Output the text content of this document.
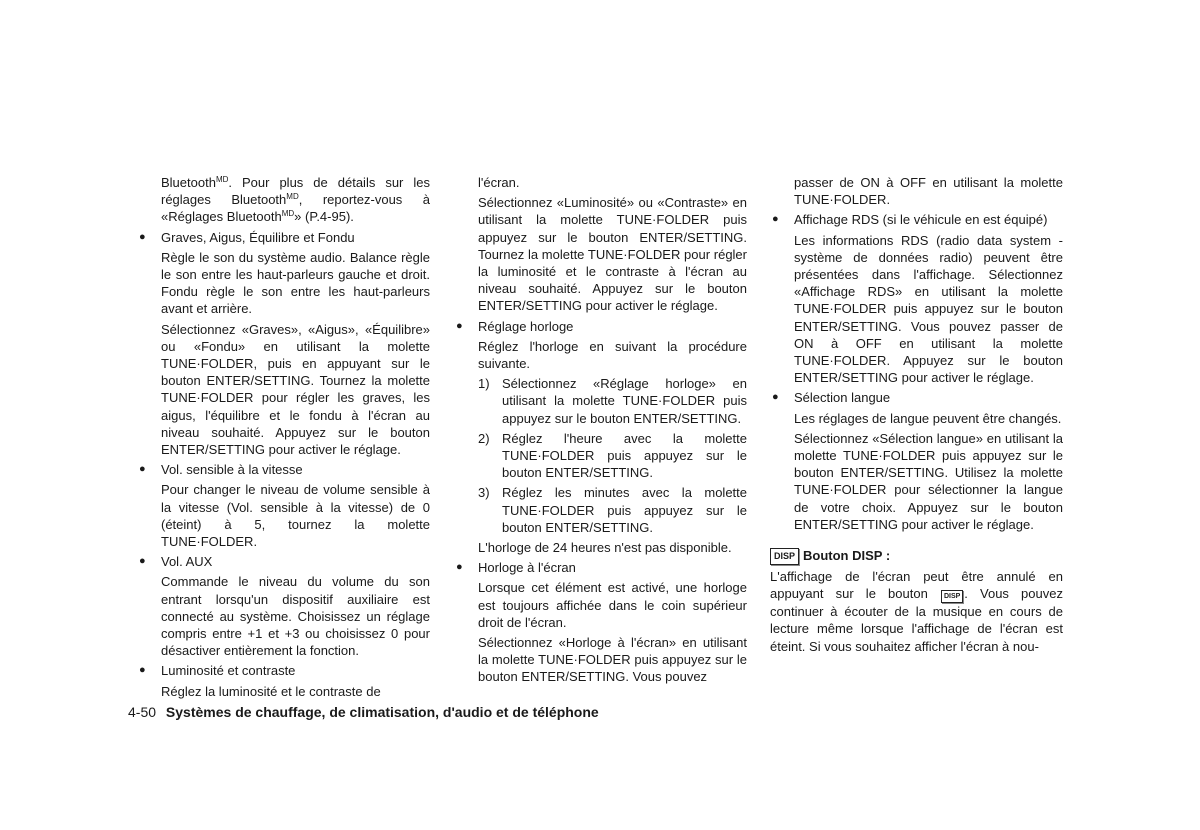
Bluetooth$^{MD}$. Pour plus de détails sur les réglages Bluetooth$^{MD}$, reportez-vous à «Réglages Bluetooth$^{MD}$» (P.4-95).

● Graves, Aigus, Équilibre et Fondu

Règle le son du système audio. Balance règle le son entre les haut-parleurs gauche et droit. Fondu règle le son entre les haut-parleurs avant et arrière.

Sélectionnez «Graves», «Aigus», «Équilibre» ou «Fondu» en utilisant la molette TUNE·FOLDER, puis en appuyant sur le bouton ENTER/SETTING. Tournez la molette TUNE·FOLDER pour régler les graves, les aigus, l'équilibre et le fondu à l'écran au niveau souhaité. Appuyez sur le bouton ENTER/SETTING pour activer le réglage.

● Vol. sensible à la vitesse

Pour changer le niveau de volume sensible à la vitesse (Vol. sensible à la vitesse) de 0 (éteint) à 5, tournez la molette TUNE·FOLDER.

● Vol. AUX

Commande le niveau du volume du son entrant lorsqu'un dispositif auxiliaire est connecté au système. Choisissez un réglage compris entre +1 et +3 ou choisissez 0 pour désactiver entièrement la fonction.

● Luminosité et contraste

Réglez la luminosité et le contraste de

l'écran.

Sélectionnez «Luminosité» ou «Contraste» en utilisant la molette TUNE·FOLDER puis appuyez sur le bouton ENTER/SETTING. Tournez la molette TUNE·FOLDER pour régler la luminosité et le contraste à l'écran au niveau souhaité. Appuyez sur le bouton ENTER/SETTING pour activer le réglage.

● Réglage horloge

Réglez l'horloge en suivant la procédure suivante.

1) Sélectionnez «Réglage horloge» en utilisant la molette TUNE·FOLDER puis appuyez sur le bouton ENTER/SETTING.
2) Réglez l'heure avec la molette TUNE·FOLDER puis appuyez sur le bouton ENTER/SETTING.
3) Réglez les minutes avec la molette TUNE·FOLDER puis appuyez sur le bouton ENTER/SETTING.

L'horloge de 24 heures n'est pas disponible.

● Horloge à l'écran

Lorsque cet élément est activé, une horloge est toujours affichée dans le coin supérieur droit de l'écran.

Sélectionnez «Horloge à l'écran» en utilisant la molette TUNE·FOLDER puis appuyez sur le bouton ENTER/SETTING. Vous pouvez

passer de ON à OFF en utilisant la molette TUNE·FOLDER.

● Affichage RDS (si le véhicule en est équipé)

Les informations RDS (radio data system - système de données radio) peuvent être présentées dans l'affichage. Sélectionnez «Affichage RDS» en utilisant la molette TUNE·FOLDER puis appuyez sur le bouton ENTER/SETTING. Vous pouvez passer de ON à OFF en utilisant la molette TUNE·FOLDER. Appuyez sur le bouton ENTER/SETTING pour activer le réglage.

● Sélection langue

Les réglages de langue peuvent être changés.

Sélectionnez «Sélection langue» en utilisant la molette TUNE·FOLDER puis appuyez sur le bouton ENTER/SETTING. Utilisez la molette TUNE·FOLDER pour sélectionner la langue de votre choix. Appuyez sur le bouton ENTER/SETTING pour activer le réglage.

DISP Bouton DISP :

L'affichage de l'écran peut être annulé en appuyant sur le bouton DISP . Vous pouvez continuer à écouter de la musique en cours de lecture même lorsque l'affichage de l'écran est éteint. Si vous souhaitez afficher l'écran à nou-

4-50 Systèmes de chauffage, de climatisation, d'audio et de téléphone
